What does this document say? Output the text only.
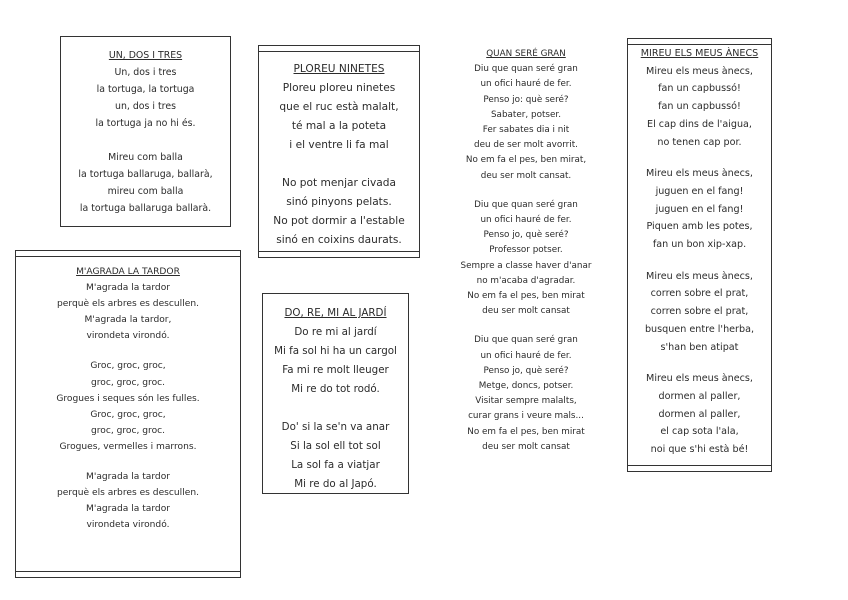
UN, DOS I TRES
Un, dos i tres
la tortuga, la tortuga
un, dos i tres
la tortuga ja no hi és.
Mireu com balla
la tortuga ballaruga, ballarà,
mireu com balla
la tortuga ballaruga ballarà.
PLOREU NINETES
Ploreu ploreu ninetes
que el ruc està malalt,
té mal a la poteta
i el ventre li fa mal
No pot menjar civada
sinó pinyons pelats.
No pot dormir a l'estable
sinó en coixins daurats.
QUAN SERÉ GRAN
Diu que quan seré gran
un ofici hauré de fer.
Penso jo: què seré?
Sabater, potser.
Fer sabates dia i nit
deu de ser molt avorrit.
No em fa el pes, ben mirat,
deu ser molt cansat.
Diu que quan seré gran
un ofici hauré de fer.
Penso jo, què seré?
Professor potser.
Sempre a classe haver d'anar
no m'acaba d'agradar.
No em fa el pes, ben mirat
deu ser molt cansat
Diu que quan seré gran
un ofici hauré de fer.
Penso jo, què seré?
Metge, doncs, potser.
Visitar sempre malalts,
curar grans i veure mals...
No em fa el pes, ben mirat
deu ser molt cansat
MIREU ELS MEUS ÀNECS
Mireu els meus ànecs,
fan un capbussó!
fan un capbussó!
El cap dins de l'aigua,
no tenen cap por.
Mireu els meus ànecs,
juguen en el fang!
juguen en el fang!
Piquen amb les potes,
fan un bon xip-xap.
Mireu els meus ànecs,
corren sobre el prat,
corren sobre el prat,
busquen entre l'herba,
s'han ben atipat
Mireu els meus ànecs,
dormen al paller,
dormen al paller,
el cap sota l'ala,
noi que s'hi està bé!
M'AGRADA LA TARDOR
M'agrada la tardor
perquè els arbres es descullen.
M'agrada la tardor,
virondeta virondó.
Groc, groc, groc,
groc, groc, groc.
Grogues i seques són les fulles.
Groc, groc, groc,
groc, groc, groc.
Grogues, vermelles i marrons.
M'agrada la tardor
perquè els arbres es descullen.
M'agrada la tardor
virondeta virondó.
DO, RE, MI AL JARDÍ
Do re mi al jardí
Mi fa sol hi ha un cargol
Fa mi re molt lleuger
Mi re do tot rodó.
Do' si la se'n va anar
Si la sol ell tot sol
La sol fa a viatjar
Mi re do al Japó.
